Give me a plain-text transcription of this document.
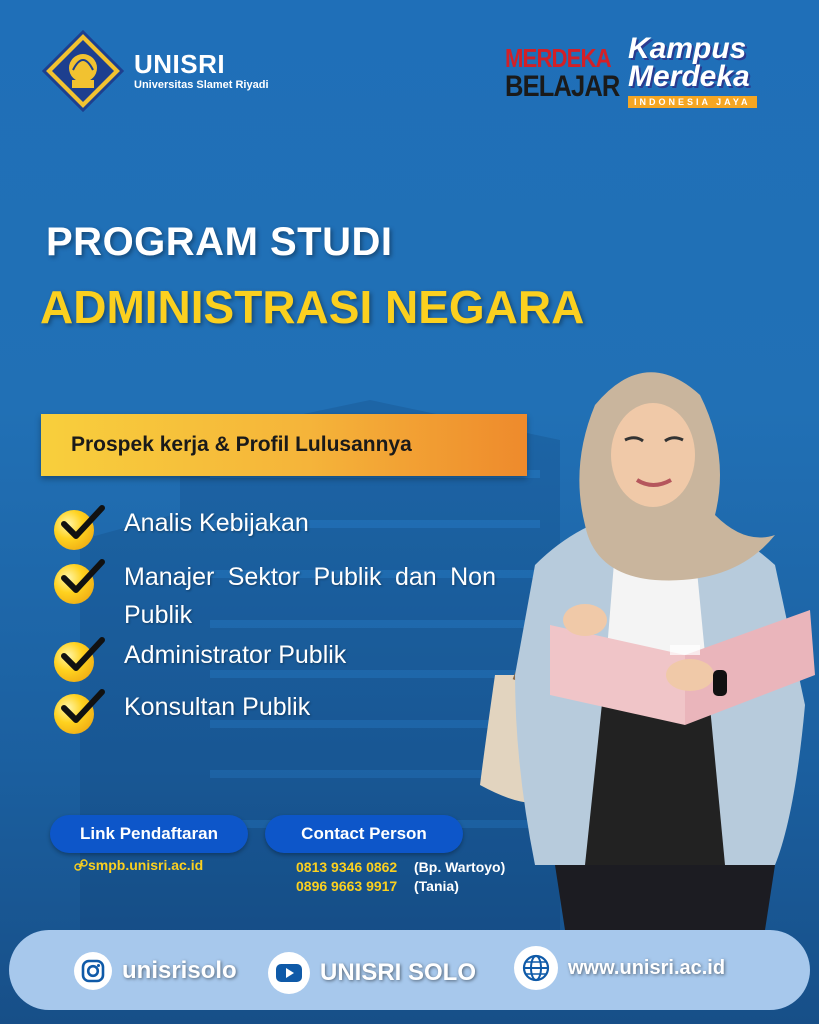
UNISRI
Universitas Slamet Riyadi
MERDEKA
BELAJAR
Kampus
Merdeka
INDONESIA JAYA
PROGRAM STUDI
ADMINISTRASI NEGARA
Prospek kerja & Profil Lulusannya
Analis Kebijakan
Manajer Sektor Publik dan Non Publik
Administrator Publik
Konsultan Publik
Link Pendaftaran
smpb.unisri.ac.id
Contact Person
0813 9346 0862 (Bp. Wartoyo)
0896 9663 9917 (Tania)
unisrisolo	UNISRI SOLO	www.unisri.ac.id
